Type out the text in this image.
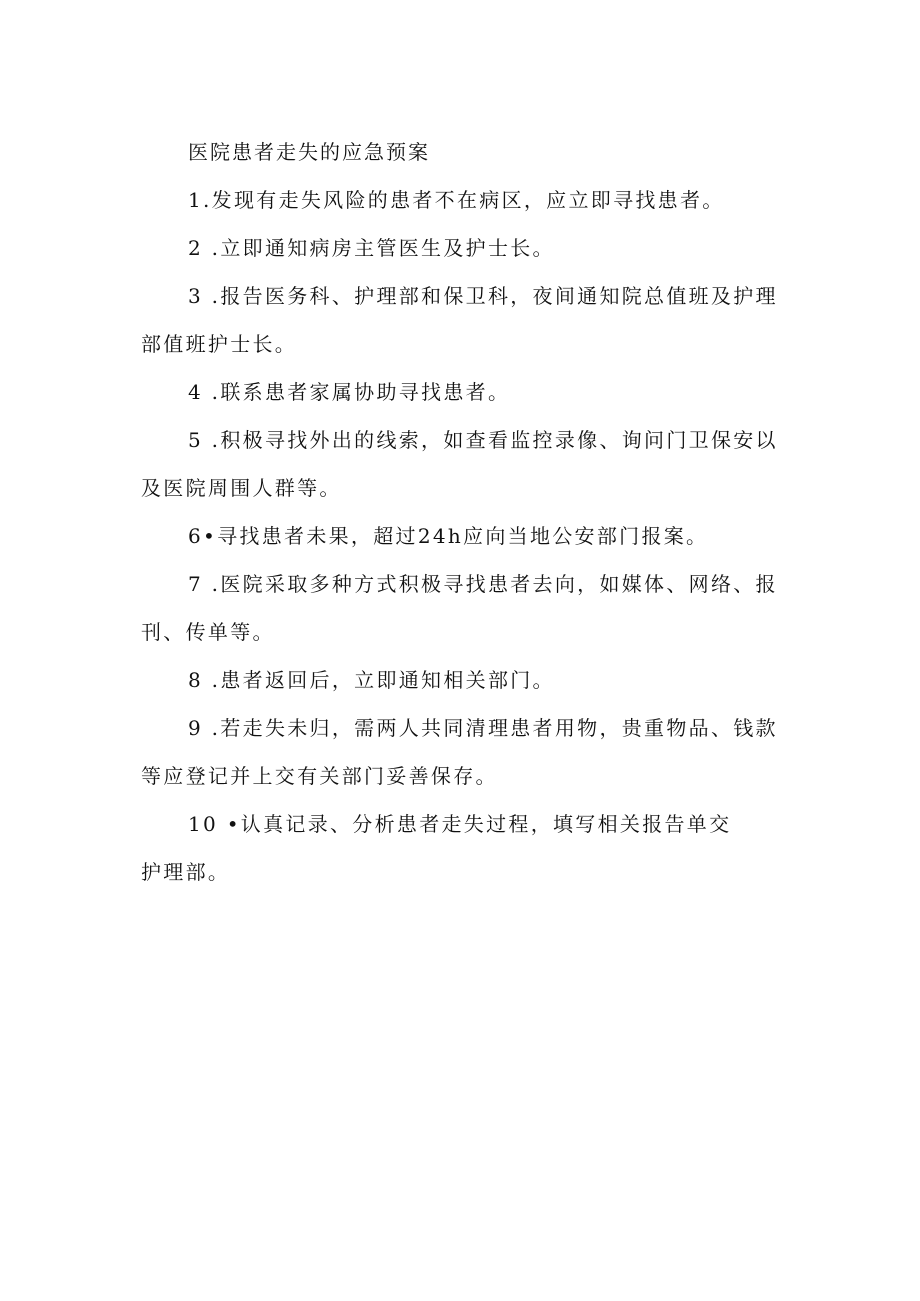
医院患者走失的应急预案

1.发现有走失风险的患者不在病区，应立即寻找患者。

2 .立即通知病房主管医生及护士长。

3 .报告医务科、护理部和保卫科，夜间通知院总值班及护理部值班护士长。

4 .联系患者家属协助寻找患者。

5 .积极寻找外出的线索，如查看监控录像、询问门卫保安以及医院周围人群等。

6•寻找患者未果，超过24h应向当地公安部门报案。

7 .医院采取多种方式积极寻找患者去向，如媒体、网络、报刊、传单等。

8 .患者返回后，立即通知相关部门。

9 .若走失未归，需两人共同清理患者用物，贵重物品、钱款等应登记并上交有关部门妥善保存。

10 •认真记录、分析患者走失过程，填写相关报告单交

护理部。
